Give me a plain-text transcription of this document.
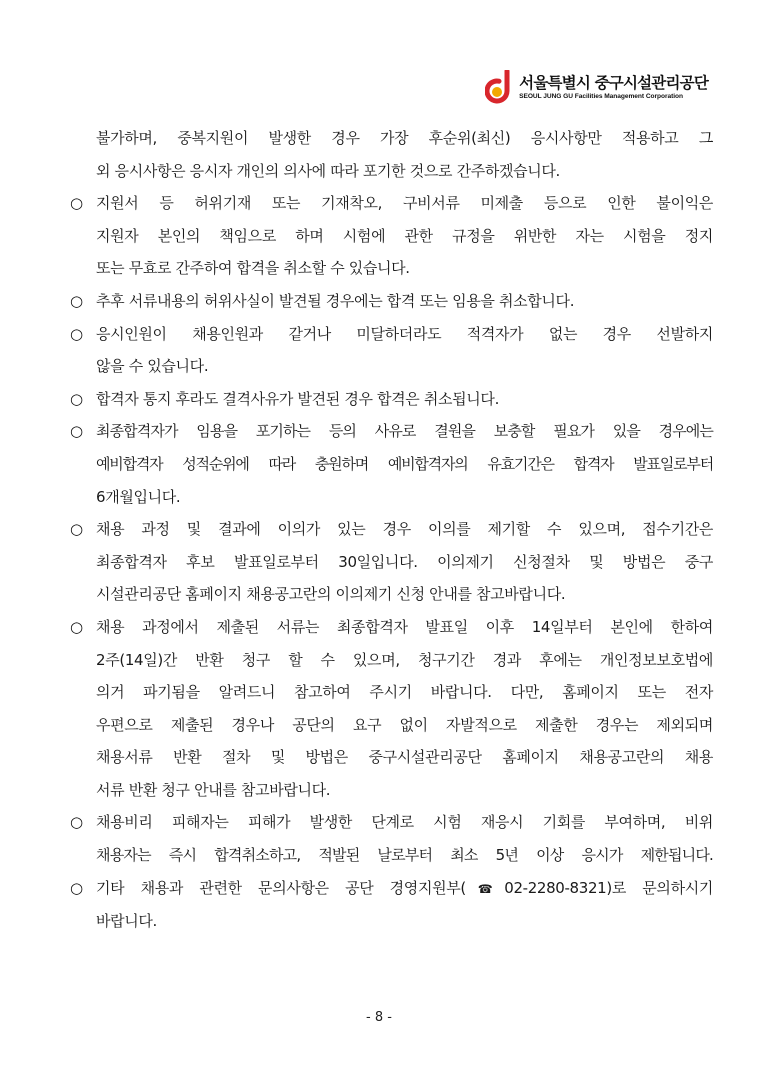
서울특별시 중구시설관리공단
SEOUL JUNG GU Facilities Management Corporation
불가하며, 중복지원이 발생한 경우 가장 후순위(최신) 응시사항만 적용하고 그
외 응시사항은 응시자 개인의 의사에 따라 포기한 것으로 간주하겠습니다.
○ 지원서 등 허위기재 또는 기재착오, 구비서류 미제출 등으로 인한 불이익은
지원자 본인의 책임으로 하며 시험에 관한 규정을 위반한 자는 시험을 정지
또는 무효로 간주하여 합격을 취소할 수 있습니다.
○ 추후 서류내용의 허위사실이 발견될 경우에는 합격 또는 임용을 취소합니다.
○ 응시인원이 채용인원과 같거나 미달하더라도 적격자가 없는 경우 선발하지
않을 수 있습니다.
○ 합격자 통지 후라도 결격사유가 발견된 경우 합격은 취소됩니다.
○ 최종합격자가 임용을 포기하는 등의 사유로 결원을 보충할 필요가 있을 경우에는
예비합격자 성적순위에 따라 충원하며 예비합격자의 유효기간은 합격자 발표일로부터
6개월입니다.
○ 채용 과정 및 결과에 이의가 있는 경우 이의를 제기할 수 있으며, 접수기간은
최종합격자 후보 발표일로부터 30일입니다. 이의제기 신청절차 및 방법은 중구
시설관리공단 홈페이지 채용공고란의 이의제기 신청 안내를 참고바랍니다.
○ 채용 과정에서 제출된 서류는 최종합격자 발표일 이후 14일부터 본인에 한하여
2주(14일)간 반환 청구 할 수 있으며, 청구기간 경과 후에는 개인정보보호법에
의거 파기됨을 알려드니 참고하여 주시기 바랍니다. 다만, 홈페이지 또는 전자
우편으로 제출된 경우나 공단의 요구 없이 자발적으로 제출한 경우는 제외되며
채용서류 반환 절차 및 방법은 중구시설관리공단 홈페이지 채용공고란의 채용
서류 반환 청구 안내를 참고바랍니다.
○ 채용비리 피해자는 피해가 발생한 단계로 시험 재응시 기회를 부여하며, 비위
채용자는 즉시 합격취소하고, 적발된 날로부터 최소 5년 이상 응시가 제한됩니다.
○ 기타 채용과 관련한 문의사항은 공단 경영지원부(☎02-2280-8321)로 문의하시기
바랍니다.
- 8 -
